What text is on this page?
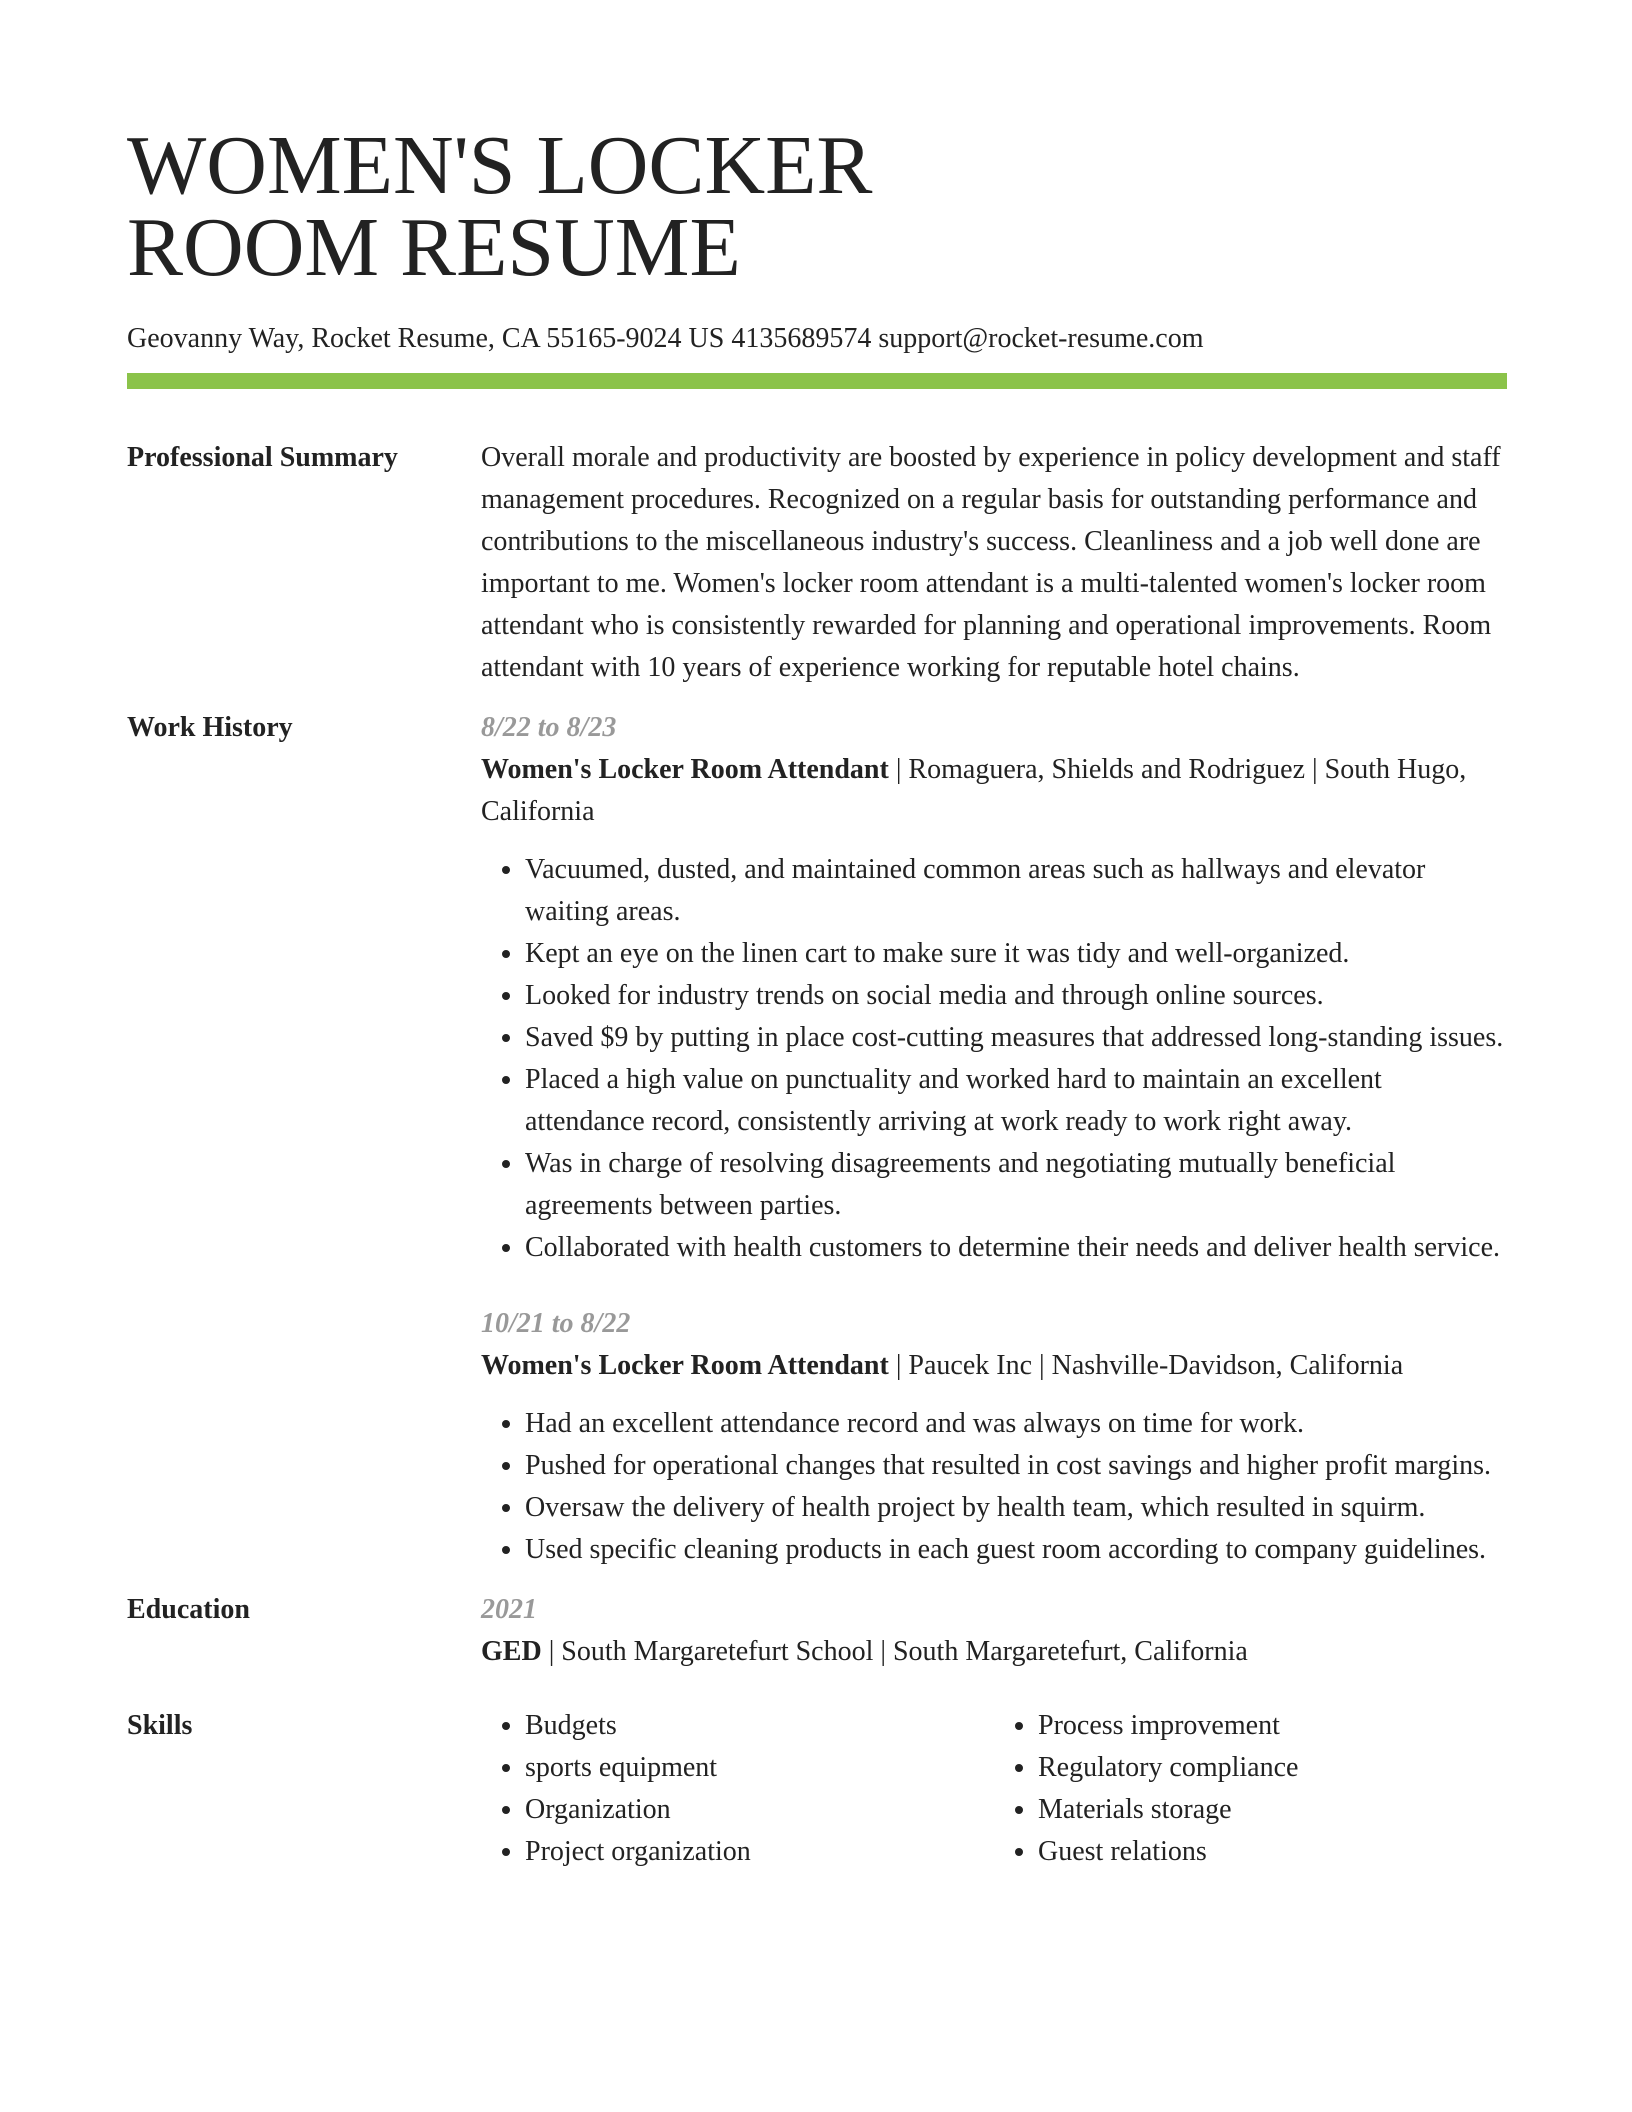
WOMEN'S LOCKER
ROOM RESUME
Geovanny Way, Rocket Resume, CA 55165-9024 US 4135689574 support@rocket-resume.com
Professional Summary	Overall morale and productivity are boosted by experience in policy development and staff management procedures. Recognized on a regular basis for outstanding performance and contributions to the miscellaneous industry's success. Cleanliness and a job well done are important to me. Women's locker room attendant is a multi-talented women's locker room attendant who is consistently rewarded for planning and operational improvements. Room attendant with 10 years of experience working for reputable hotel chains.
Work History	8/22 to 8/23
Women's Locker Room Attendant | Romaguera, Shields and Rodriguez | South Hugo, California
• Vacuumed, dusted, and maintained common areas such as hallways and elevator waiting areas.
• Kept an eye on the linen cart to make sure it was tidy and well-organized.
• Looked for industry trends on social media and through online sources.
• Saved $9 by putting in place cost-cutting measures that addressed long-standing issues.
• Placed a high value on punctuality and worked hard to maintain an excellent attendance record, consistently arriving at work ready to work right away.
• Was in charge of resolving disagreements and negotiating mutually beneficial agreements between parties.
• Collaborated with health customers to determine their needs and deliver health service.
10/21 to 8/22
Women's Locker Room Attendant | Paucek Inc | Nashville-Davidson, California
• Had an excellent attendance record and was always on time for work.
• Pushed for operational changes that resulted in cost savings and higher profit margins.
• Oversaw the delivery of health project by health team, which resulted in squirm.
• Used specific cleaning products in each guest room according to company guidelines.
Education	2021
GED | South Margaretefurt School | South Margaretefurt, California
Skills
•	Budgets
• sports equipment
• Organization
• Project organization
• Process improvement
• Regulatory compliance
• Materials storage
• Guest relations
